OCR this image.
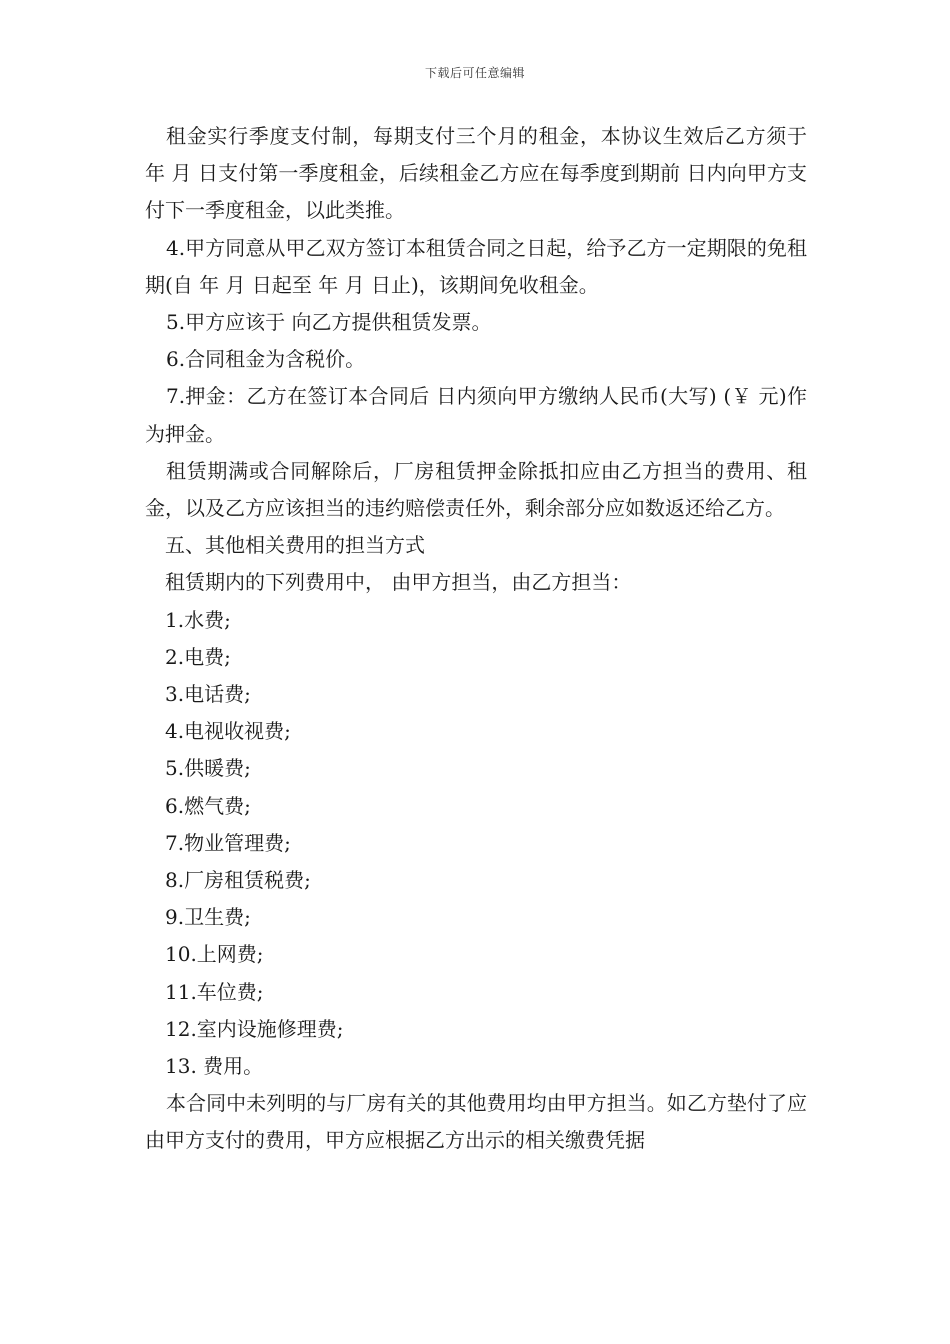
下载后可任意编辑

租金实行季度支付制，每期支付三个月的租金，本协议生效后乙方须于 年 月 日支付第一季度租金，后续租金乙方应在每季度到期前 日内向甲方支付下一季度租金，以此类推。

4.甲方同意从甲乙双方签订本租赁合同之日起，给予乙方一定期限的免租期(自 年 月 日起至 年 月 日止)，该期间免收租金。

5.甲方应该于 向乙方提供租赁发票。

6.合同租金为含税价。

7.押金：乙方在签订本合同后 日内须向甲方缴纳人民币(大写) (￥ 元)作为押金。

租赁期满或合同解除后，厂房租赁押金除抵扣应由乙方担当的费用、租金，以及乙方应该担当的违约赔偿责任外，剩余部分应如数返还给乙方。

五、其他相关费用的担当方式

租赁期内的下列费用中， 由甲方担当，由乙方担当：

1.水费;

2.电费;

3.电话费;

4.电视收视费;

5.供暖费;

6.燃气费;

7.物业管理费;

8.厂房租赁税费;

9.卫生费;

10.上网费;

11.车位费;

12.室内设施修理费;

13. 费用。

本合同中未列明的与厂房有关的其他费用均由甲方担当。如乙方垫付了应由甲方支付的费用，甲方应根据乙方出示的相关缴费凭据
